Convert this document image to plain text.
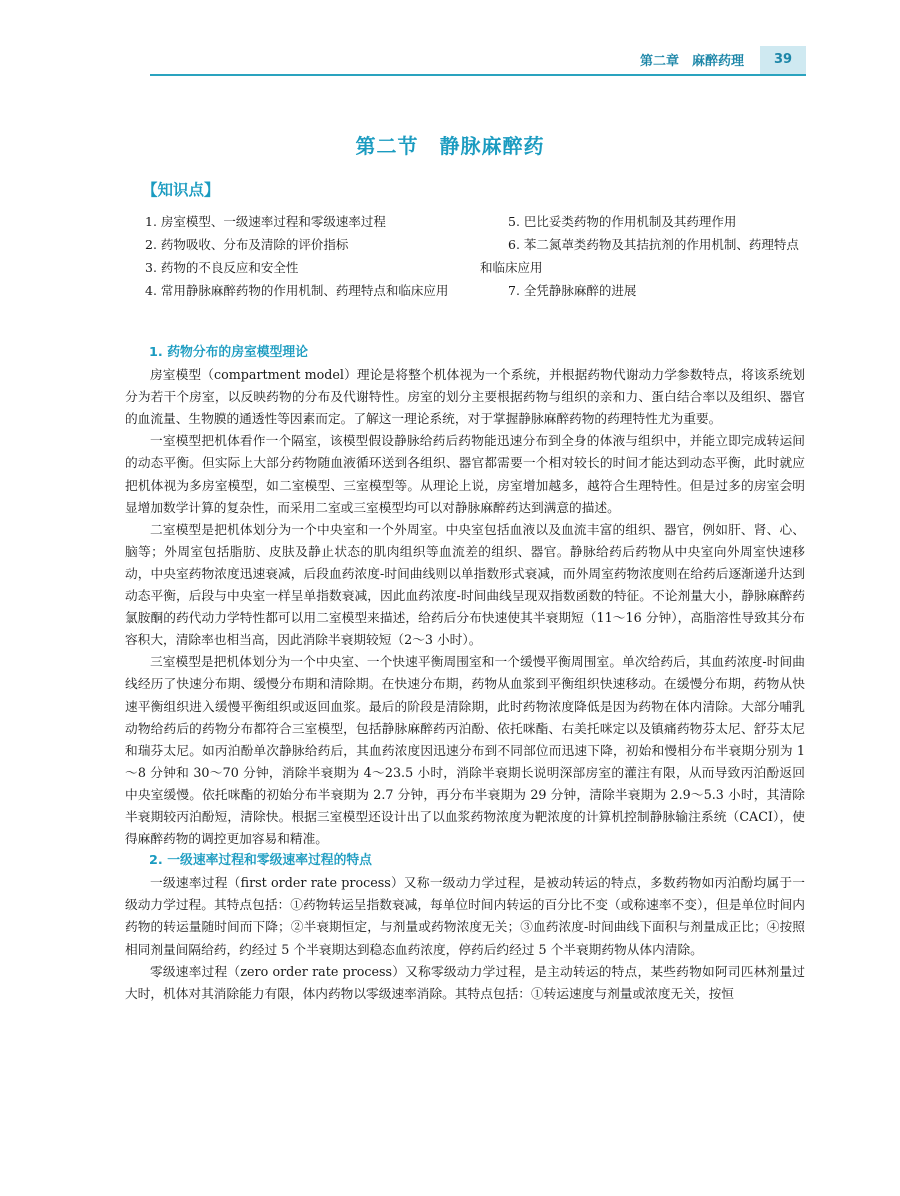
第二章　麻醉药理	39
第二节　静脉麻醉药
【知识点】
1. 房室模型、一级速率过程和零级速率过程
2. 药物吸收、分布及清除的评价指标
3. 药物的不良反应和安全性
4. 常用静脉麻醉药物的作用机制、药理特点和临床应用
5. 巴比妥类药物的作用机制及其药理作用
6. 苯二氮䓬类药物及其拮抗剂的作用机制、药理特点和临床应用
7. 全凭静脉麻醉的进展
1. 药物分布的房室模型理论

房室模型（compartment model）理论是将整个机体视为一个系统，并根据药物代谢动力学参数特点，将该系统划分为若干个房室，以反映药物的分布及代谢特性。房室的划分主要根据药物与组织的亲和力、蛋白结合率以及组织、器官的血流量、生物膜的通透性等因素而定。了解这一理论系统，对于掌握静脉麻醉药物的药理特性尤为重要。

一室模型把机体看作一个隔室，该模型假设静脉给药后药物能迅速分布到全身的体液与组织中，并能立即完成转运间的动态平衡。但实际上大部分药物随血液循环送到各组织、器官都需要一个相对较长的时间才能达到动态平衡，此时就应把机体视为多房室模型，如二室模型、三室模型等。从理论上说，房室增加越多，越符合生理特性。但是过多的房室会明显增加数学计算的复杂性，而采用二室或三室模型均可以对静脉麻醉药达到满意的描述。

二室模型是把机体划分为一个中央室和一个外周室。中央室包括血液以及血流丰富的组织、器官，例如肝、肾、心、脑等；外周室包括脂肪、皮肤及静止状态的肌肉组织等血流差的组织、器官。静脉给药后药物从中央室向外周室快速移动，中央室药物浓度迅速衰减，后段血药浓度-时间曲线则以单指数形式衰减，而外周室药物浓度则在给药后逐渐递升达到动态平衡，后段与中央室一样呈单指数衰减，因此血药浓度-时间曲线呈现双指数函数的特征。不论剂量大小，静脉麻醉药氯胺酮的药代动力学特性都可以用二室模型来描述，给药后分布快速使其半衰期短（11～16 分钟），高脂溶性导致其分布容积大，清除率也相当高，因此消除半衰期较短（2～3 小时）。

三室模型是把机体划分为一个中央室、一个快速平衡周围室和一个缓慢平衡周围室。单次给药后，其血药浓度-时间曲线经历了快速分布期、缓慢分布期和清除期。在快速分布期，药物从血浆到平衡组织快速移动。在缓慢分布期，药物从快速平衡组织进入缓慢平衡组织或返回血浆。最后的阶段是清除期，此时药物浓度降低是因为药物在体内清除。大部分哺乳动物给药后的药物分布都符合三室模型，包括静脉麻醉药丙泊酚、依托咪酯、右美托咪定以及镇痛药物芬太尼、舒芬太尼和瑞芬太尼。如丙泊酚单次静脉给药后，其血药浓度因迅速分布到不同部位而迅速下降，初始和慢相分布半衰期分别为 1～8 分钟和 30～70 分钟，消除半衰期为 4～23.5 小时，消除半衰期长说明深部房室的灌注有限，从而导致丙泊酚返回中央室缓慢。依托咪酯的初始分布半衰期为 2.7 分钟，再分布半衰期为 29 分钟，清除半衰期为 2.9～5.3 小时，其清除半衰期较丙泊酚短，清除快。根据三室模型还设计出了以血浆药物浓度为靶浓度的计算机控制静脉输注系统（CACI），使得麻醉药物的调控更加容易和精准。

2. 一级速率过程和零级速率过程的特点

一级速率过程（first order rate process）又称一级动力学过程，是被动转运的特点，多数药物如丙泊酚均属于一级动力学过程。其特点包括：①药物转运呈指数衰减，每单位时间内转运的百分比不变（或称速率不变），但是单位时间内药物的转运量随时间而下降；②半衰期恒定，与剂量或药物浓度无关；③血药浓度-时间曲线下面积与剂量成正比；④按照相同剂量间隔给药，约经过 5 个半衰期达到稳态血药浓度，停药后约经过 5 个半衰期药物从体内清除。

零级速率过程（zero order rate process）又称零级动力学过程，是主动转运的特点，某些药物如阿司匹林剂量过大时，机体对其消除能力有限，体内药物以零级速率消除。其特点包括：①转运速度与剂量或浓度无关，按恒
